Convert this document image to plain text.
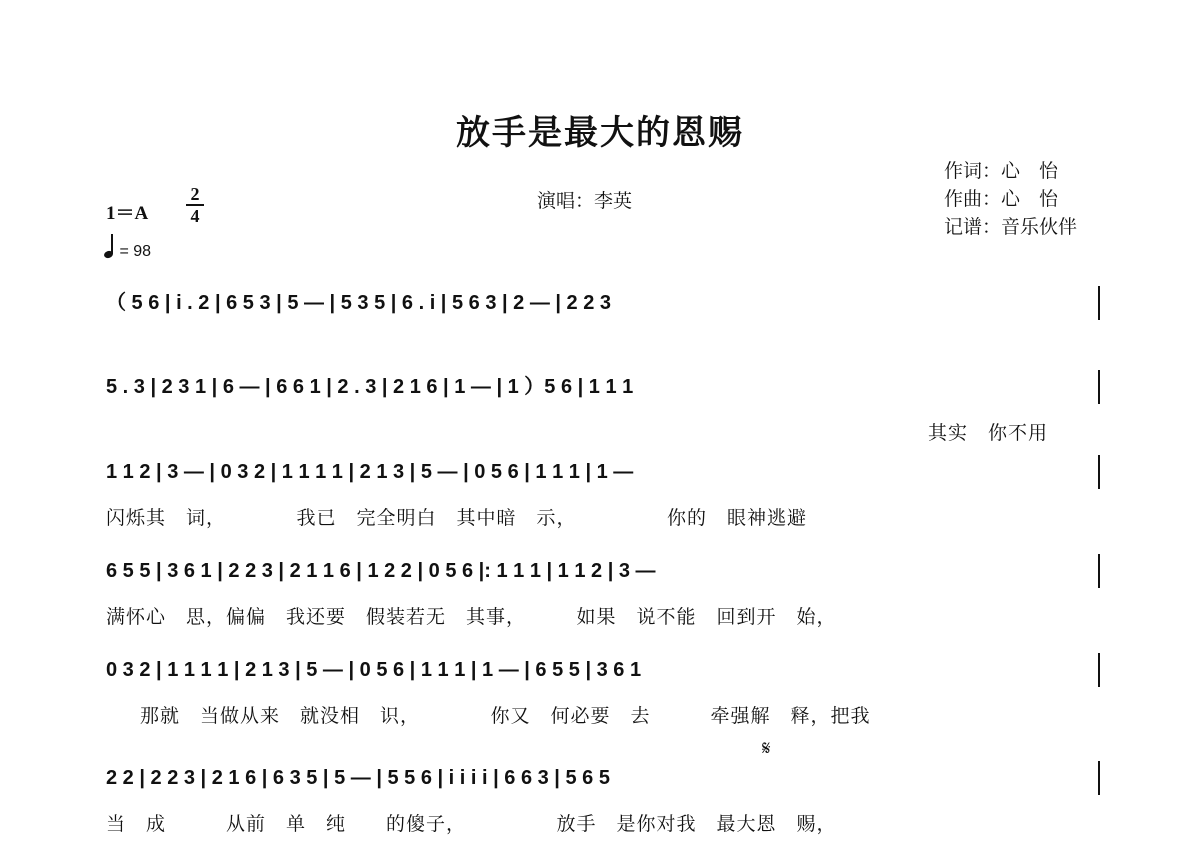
放手是最大的恩赐
演唱：李英
作词：心　怡
作曲：心　怡
记谱：音乐伙伴
1＝A
2
4
= 98
𝄋
（ 5 6 | i . 2 | 6 5 3 | 5 — | 5 3 5 | 6 . i | 5 6 3 | 2 — | 2 2 3
5 . 3 | 2 3 1 | 6 — | 6 6 1 | 2 . 3 | 2 1 6 | 1 — | 1 ）5 6 | 1 1 1
其实　你不用
1 1 2 | 3 — | 0 3 2 | 1 1 1 1 | 2 1 3 | 5 — | 0 5 6 | 1 1 1 | 1 —
闪烁其　词，　　　　我已　完全明白　其中暗　示，　　　　　你的　眼神逃避
6 5 5 | 3 6 1 | 2 2 3 | 2 1 1 6 | 1 2 2 | 0 5 6 |: 1 1 1 | 1 1 2 | 3 —
满怀心　思，偏偏　我还要　假装若无　其事，　　　如果　说不能　回到开　始，
0 3 2 | 1 1 1 1 | 2 1 3 | 5 — | 0 5 6 | 1 1 1 | 1 — | 6 5 5 | 3 6 1
那就　当做从来　就没相　识，　　　　你又　何必要　去　　　牵强解　释，把我
2 2 | 2 2 3 | 2 1 6 | 6 3 5 | 5 — | 5 5 6 | i i i i | 6 6 3 | 5 6 5
当　成　　　从前　单　纯　　的傻子，　　　　　放手　是你对我　最大恩　赐，
